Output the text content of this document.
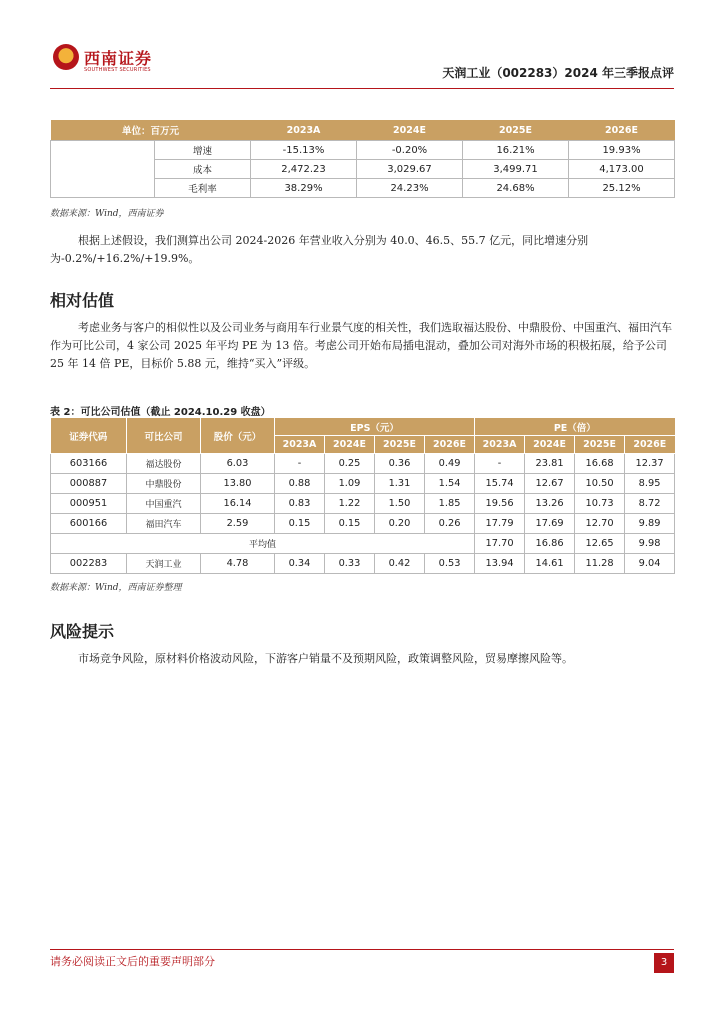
西南证券
SOUTHWEST SECURITIES	天润工业（002283）2024 年三季报点评
单位：百万元		2023A	2024E	2025E	2026E
	增速	-15.13%	-0.20%	16.21%	19.93%
	成本	2,472.23	3,029.67	3,499.71	4,173.00
	毛利率	38.29%	24.23%	24.68%	25.12%
数据来源：Wind，西南证券

根据上述假设，我们测算出公司 2024-2026 年营业收入分别为 40.0、46.5、55.7 亿元，同比增速分别为-0.2%/+16.2%/+19.9%。

相对估值

考虑业务与客户的相似性以及公司业务与商用车行业景气度的相关性，我们选取福达股份、中鼎股份、中国重汽、福田汽车作为可比公司，4 家公司 2025 年平均 PE 为 13 倍。考虑公司开始布局插电混动，叠加公司对海外市场的积极拓展，给予公司 25 年 14 倍 PE，目标价 5.88 元，维持“买入”评级。

表 2：可比公司估值（截止 2024.10.29 收盘）
证券代码	可比公司	股价（元）	EPS（元）				PE（倍）			
			2023A	2024E	2025E	2026E	2023A	2024E	2025E	2026E
603166	福达股份	6.03	-	0.25	0.36	0.49	-	23.81	16.68	12.37
000887	中鼎股份	13.80	0.88	1.09	1.31	1.54	15.74	12.67	10.50	8.95
000951	中国重汽	16.14	0.83	1.22	1.50	1.85	19.56	13.26	10.73	8.72
600166	福田汽车	2.59	0.15	0.15	0.20	0.26	17.79	17.69	12.70	9.89
平均值							17.70	16.86	12.65	9.98
002283	天润工业	4.78	0.34	0.33	0.42	0.53	13.94	14.61	11.28	9.04
数据来源：Wind，西南证券整理
风险提示

市场竞争风险，原材料价格波动风险，下游客户销量不及预期风险，政策调整风险，贸易摩擦风险等。

请务必阅读正文后的重要声明部分	3
